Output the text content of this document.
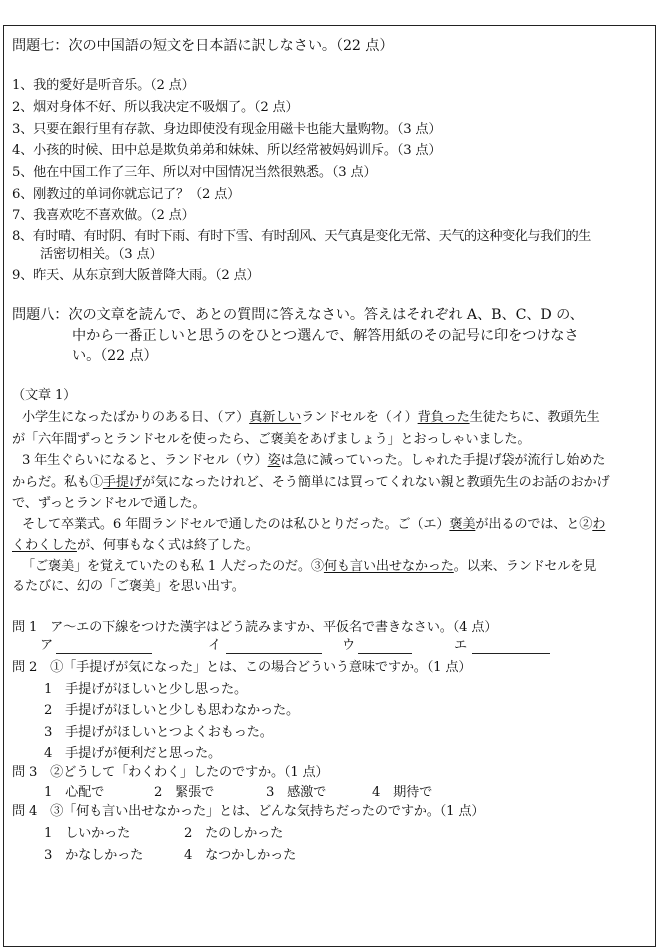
問題七：次の中国語の短文を日本語に訳しなさい。（22 点）
1、我的愛好是听音乐。（2 点）
2、烟对身体不好、所以我决定不吸烟了。（2 点）
3、只要在銀行里有存款、身边即使没有现金用磁卡也能大量购物。（3 点）
4、小孩的时候、田中总是欺负弟弟和妹妹、所以经常被妈妈训斥。（3 点）
5、他在中国工作了三年、所以对中国情况当然很熟悉。（3 点）
6、刚教过的单词你就忘记了？（2 点）
7、我喜欢吃不喜欢做。（2 点）
8、有时晴、有时阴、有时下雨、有时下雪、有时刮风、天气真是变化无常、天气的这种变化与我们的生
活密切相关。（3 点）
9、昨天、从东京到大阪普降大雨。（2 点）
問題八：次の文章を読んで、あとの質問に答えなさい。答えはそれぞれ A、B、C、D の、
中から一番正しいと思うのをひとつ選んで、解答用紙のその記号に印をつけなさ
い。（22 点）
（文章 1）
小学生になったばかりのある日、（ア）真新しいランドセルを（イ）背負った生徒たちに、教頭先生
が「六年間ずっとランドセルを使ったら、ご褒美をあげましょう」とおっしゃいました。
3 年生ぐらいになると、ランドセル（ウ）姿は急に減っていった。しゃれた手提げ袋が流行し始めた
からだ。私も①手提げが気になったけれど、そう簡単には買ってくれない親と教頭先生のお話のおかげ
で、ずっとランドセルで通した。
そして卒業式。6 年間ランドセルで通したのは私ひとりだった。ご（エ）褒美が出るのでは、と②わ
くわくしたが、何事もなく式は終了した。
「ご褒美」を覚えていたのも私 1 人だったのだ。③何も言い出せなかった。以来、ランドセルを見
るたびに、幻の「ご褒美」を思い出す。
問 1　ア～エの下線をつけた漢字はどう読みますか、平仮名で書きなさい。（4 点）
ア	イ	ウ	エ
問 2　①「手提げが気になった」とは、この場合どういう意味ですか。（1 点）
1　手提げがほしいと少し思った。
2　手提げがほしいと少しも思わなかった。
3　手提げがほしいとつよくおもった。
4　手提げが便利だと思った。
問 3　②どうして「わくわく」したのですか。（1 点）
1　心配で	2　緊張で	3　感激で	4　期待で
問 4　③「何も言い出せなかった」とは、どんな気持ちだったのですか。（1 点）
1　しいかった	2　たのしかった
3　かなしかった	4　なつかしかった
